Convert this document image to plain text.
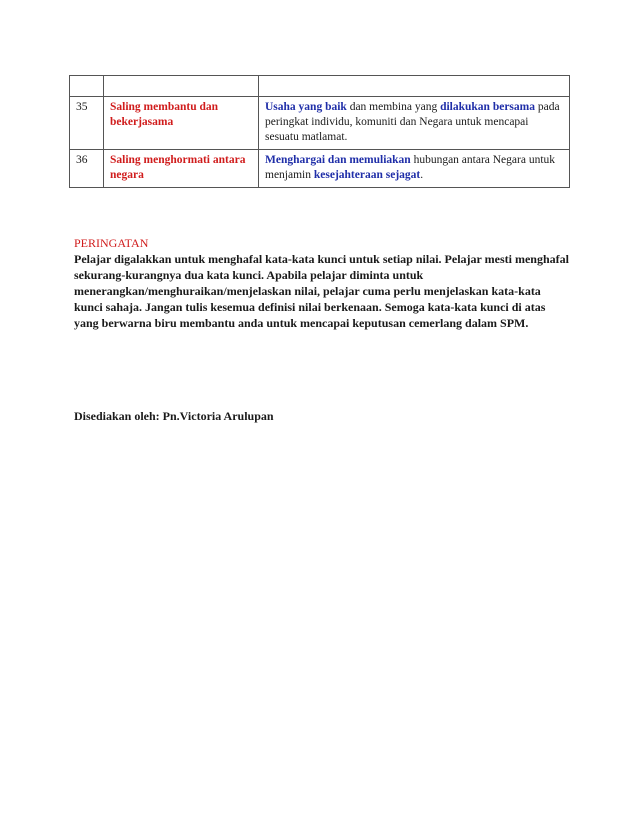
35	Saling membantu dan bekerjasama	Usaha yang baik dan membina yang dilakukan bersama pada peringkat individu, komuniti dan Negara untuk mencapai sesuatu matlamat.
36	Saling menghormati antara negara	Menghargai dan memuliakan hubungan antara Negara untuk menjamin kesejahteraan sejagat.
PERINGATAN
Pelajar digalakkan untuk menghafal kata-kata kunci untuk setiap nilai. Pelajar mesti menghafal sekurang-kurangnya dua kata kunci. Apabila pelajar diminta untuk menerangkan/menghuraikan/menjelaskan nilai, pelajar cuma perlu menjelaskan kata-kata kunci sahaja. Jangan tulis kesemua definisi nilai berkenaan. Semoga kata-kata kunci di atas yang berwarna biru membantu anda untuk mencapai keputusan cemerlang dalam SPM.
Disediakan oleh: Pn.Victoria Arulupan
